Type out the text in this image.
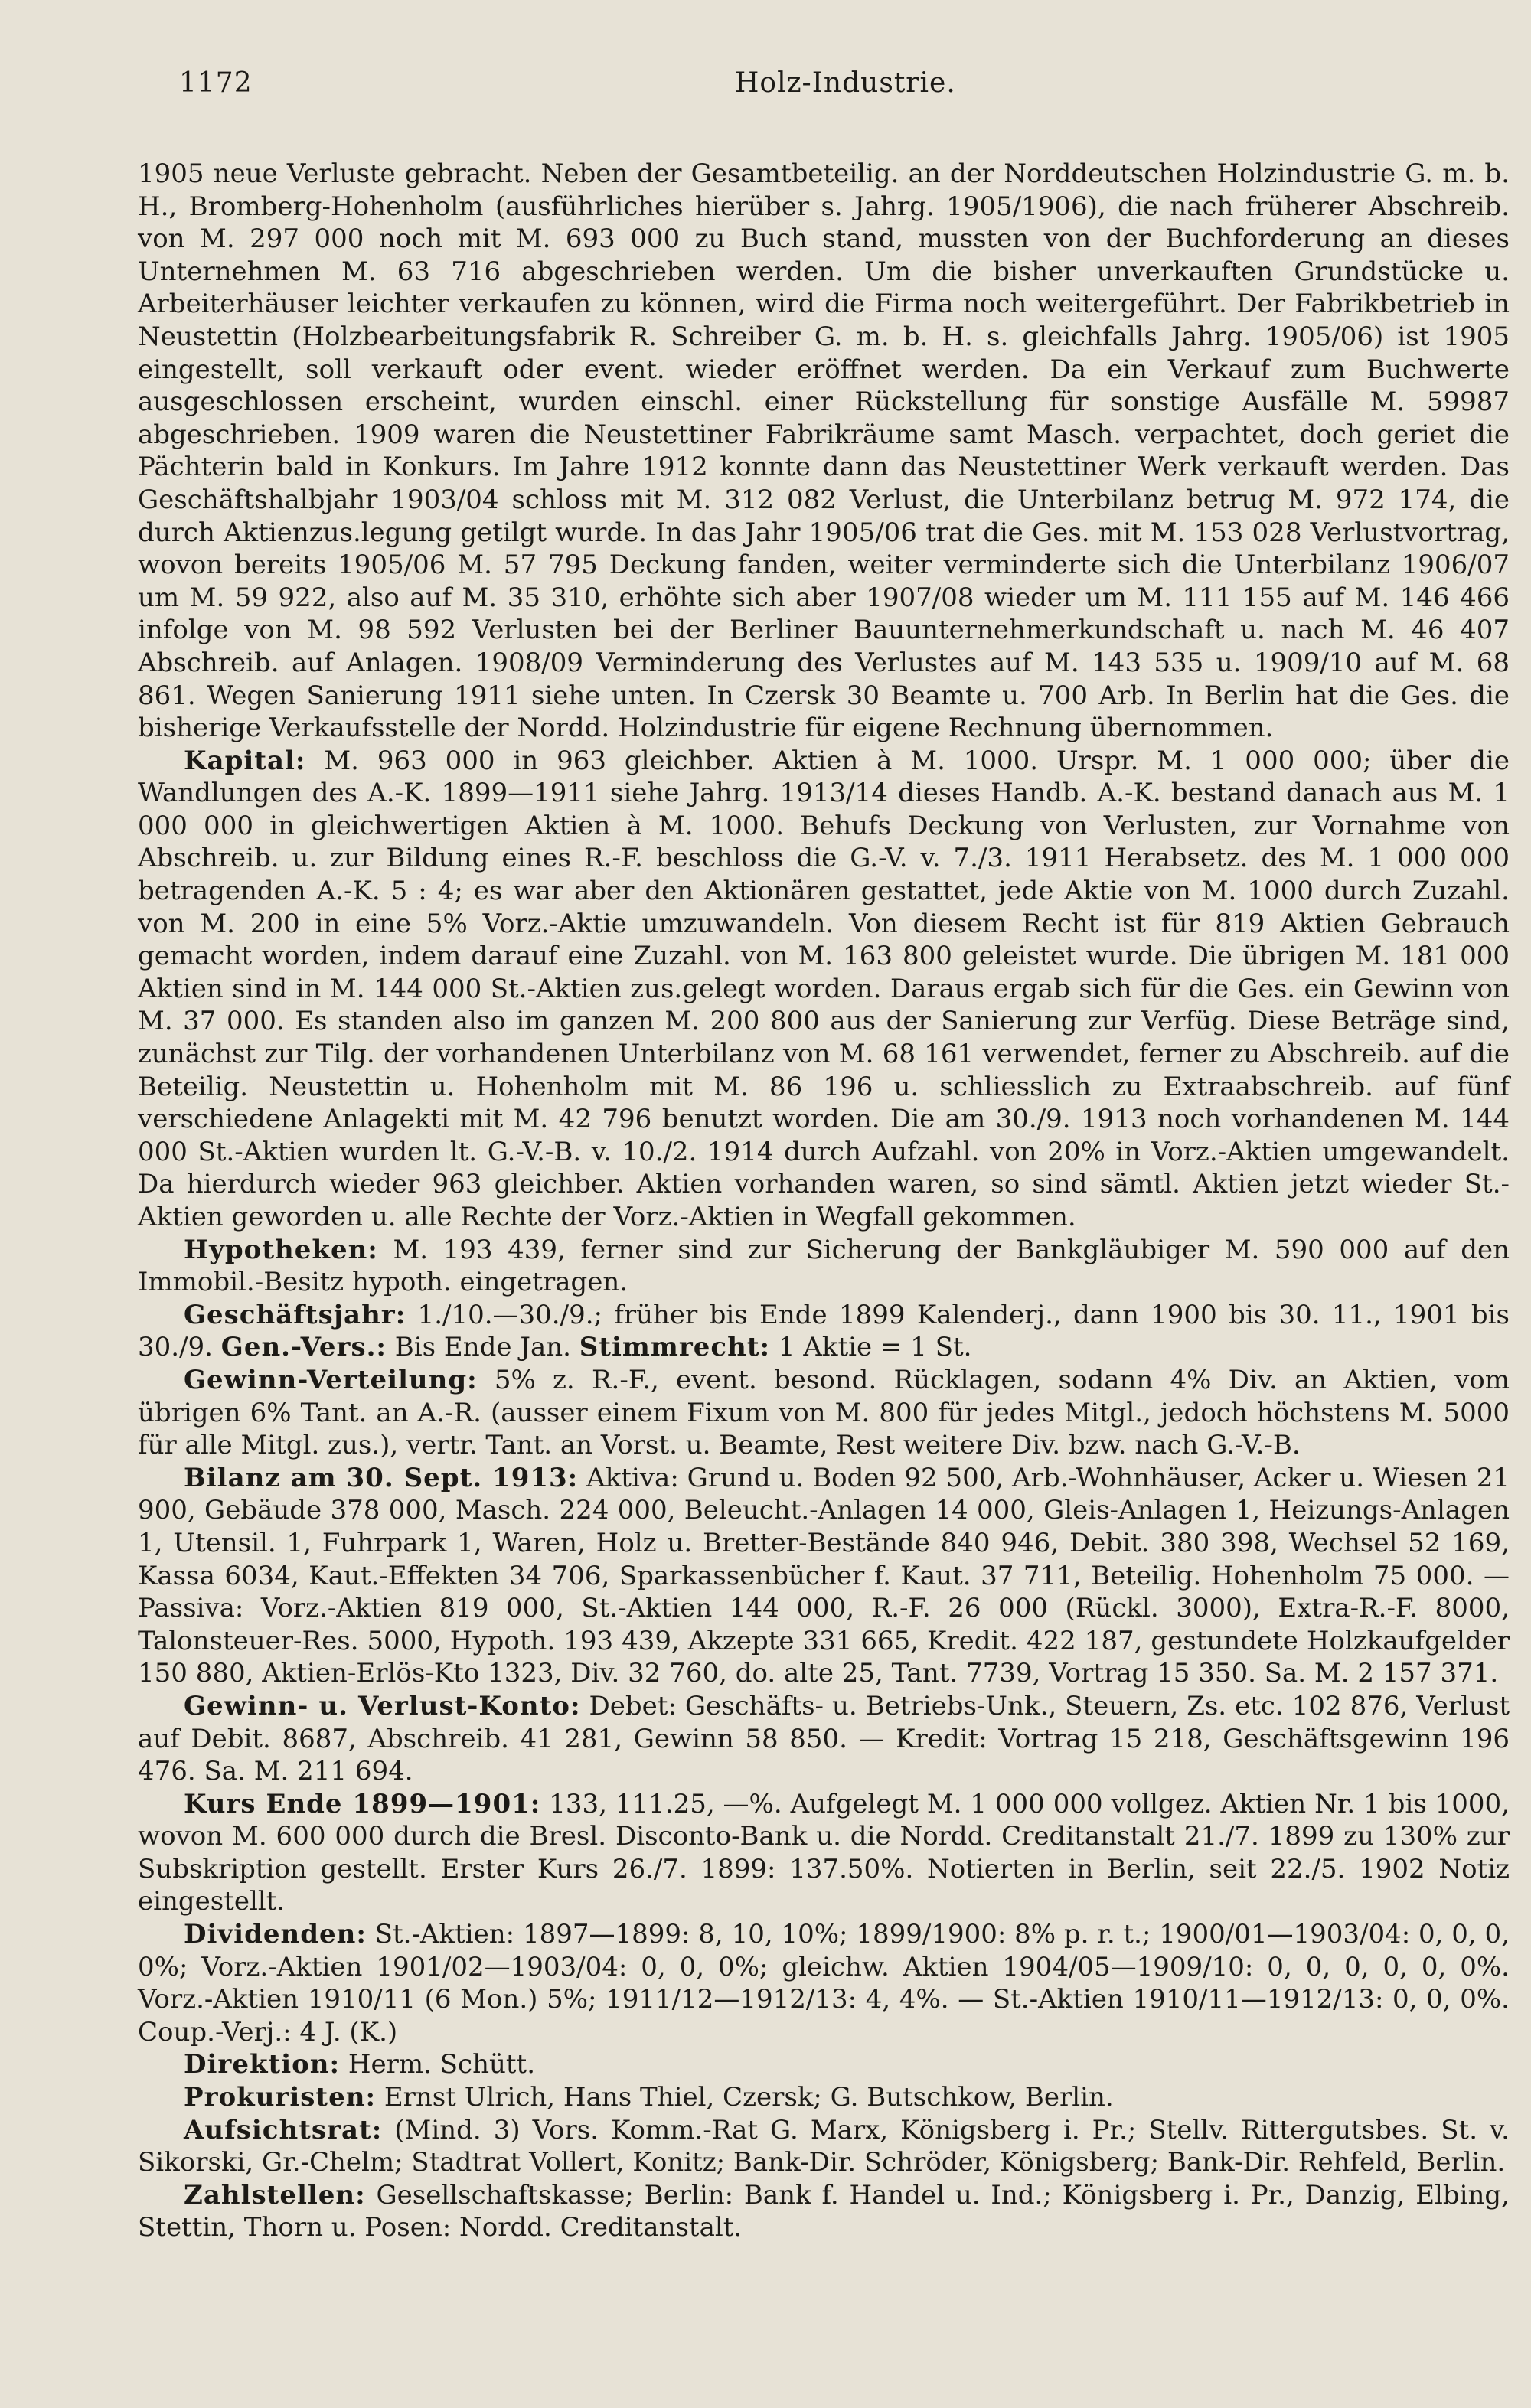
1172	Holz-Industrie.

1905 neue Verluste gebracht. Neben der Gesamtbeteilig. an der Norddeutschen Holzindustrie G. m. b. H., Bromberg-Hohenholm (ausführliches hierüber s. Jahrg. 1905/1906), die nach früherer Abschreib. von M. 297 000 noch mit M. 693 000 zu Buch stand, mussten von der Buchforderung an dieses Unternehmen M. 63 716 abgeschrieben werden. Um die bisher unverkauften Grundstücke u. Arbeiterhäuser leichter verkaufen zu können, wird die Firma noch weitergeführt. Der Fabrikbetrieb in Neustettin (Holzbearbeitungsfabrik R. Schreiber G. m. b. H. s. gleichfalls Jahrg. 1905/06) ist 1905 eingestellt, soll verkauft oder event. wieder eröffnet werden. Da ein Verkauf zum Buchwerte ausgeschlossen erscheint, wurden einschl. einer Rückstellung für sonstige Ausfälle M. 59987 abgeschrieben. 1909 waren die Neustettiner Fabrikräume samt Masch. verpachtet, doch geriet die Pächterin bald in Konkurs. Im Jahre 1912 konnte dann das Neustettiner Werk verkauft werden. Das Geschäftshalbjahr 1903/04 schloss mit M. 312 082 Verlust, die Unterbilanz betrug M. 972 174, die durch Aktienzus.legung getilgt wurde. In das Jahr 1905/06 trat die Ges. mit M. 153 028 Verlustvortrag, wovon bereits 1905/06 M. 57 795 Deckung fanden, weiter verminderte sich die Unterbilanz 1906/07 um M. 59 922, also auf M. 35 310, erhöhte sich aber 1907/08 wieder um M. 111 155 auf M. 146 466 infolge von M. 98 592 Verlusten bei der Berliner Bauunternehmerkundschaft u. nach M. 46 407 Abschreib. auf Anlagen. 1908/09 Verminderung des Verlustes auf M. 143 535 u. 1909/10 auf M. 68 861. Wegen Sanierung 1911 siehe unten. In Czersk 30 Beamte u. 700 Arb. In Berlin hat die Ges. die bisherige Verkaufsstelle der Nordd. Holzindustrie für eigene Rechnung übernommen.

Kapital: M. 963 000 in 963 gleichber. Aktien à M. 1000. Urspr. M. 1 000 000; über die Wandlungen des A.-K. 1899—1911 siehe Jahrg. 1913/14 dieses Handb. A.-K. bestand danach aus M. 1 000 000 in gleichwertigen Aktien à M. 1000. Behufs Deckung von Verlusten, zur Vornahme von Abschreib. u. zur Bildung eines R.-F. beschloss die G.-V. v. 7./3. 1911 Herabsetz. des M. 1 000 000 betragenden A.-K. 5 : 4; es war aber den Aktionären gestattet, jede Aktie von M. 1000 durch Zuzahl. von M. 200 in eine 5% Vorz.-Aktie umzuwandeln. Von diesem Recht ist für 819 Aktien Gebrauch gemacht worden, indem darauf eine Zuzahl. von M. 163 800 geleistet wurde. Die übrigen M. 181 000 Aktien sind in M. 144 000 St.-Aktien zus.gelegt worden. Daraus ergab sich für die Ges. ein Gewinn von M. 37 000. Es standen also im ganzen M. 200 800 aus der Sanierung zur Verfüg. Diese Beträge sind, zunächst zur Tilg. der vorhandenen Unterbilanz von M. 68 161 verwendet, ferner zu Abschreib. auf die Beteilig. Neustettin u. Hohenholm mit M. 86 196 u. schliesslich zu Extraabschreib. auf fünf verschiedene Anlagekti mit M. 42 796 benutzt worden. Die am 30./9. 1913 noch vorhandenen M. 144 000 St.-Aktien wurden lt. G.-V.-B. v. 10./2. 1914 durch Aufzahl. von 20% in Vorz.-Aktien umgewandelt. Da hierdurch wieder 963 gleichber. Aktien vorhanden waren, so sind sämtl. Aktien jetzt wieder St.-Aktien geworden u. alle Rechte der Vorz.-Aktien in Wegfall gekommen.

Hypotheken: M. 193 439, ferner sind zur Sicherung der Bankgläubiger M. 590 000 auf den Immobil.-Besitz hypoth. eingetragen.

Geschäftsjahr: 1./10.—30./9.; früher bis Ende 1899 Kalenderj., dann 1900 bis 30. 11., 1901 bis 30./9. Gen.-Vers.: Bis Ende Jan. Stimmrecht: 1 Aktie = 1 St.

Gewinn-Verteilung: 5% z. R.-F., event. besond. Rücklagen, sodann 4% Div. an Aktien, vom übrigen 6% Tant. an A.-R. (ausser einem Fixum von M. 800 für jedes Mitgl., jedoch höchstens M. 5000 für alle Mitgl. zus.), vertr. Tant. an Vorst. u. Beamte, Rest weitere Div. bzw. nach G.-V.-B.

Bilanz am 30. Sept. 1913: Aktiva: Grund u. Boden 92 500, Arb.-Wohnhäuser, Acker u. Wiesen 21 900, Gebäude 378 000, Masch. 224 000, Beleucht.-Anlagen 14 000, Gleis-Anlagen 1, Heizungs-Anlagen 1, Utensil. 1, Fuhrpark 1, Waren, Holz u. Bretter-Bestände 840 946, Debit. 380 398, Wechsel 52 169, Kassa 6034, Kaut.-Effekten 34 706, Sparkassenbücher f. Kaut. 37 711, Beteilig. Hohenholm 75 000. — Passiva: Vorz.-Aktien 819 000, St.-Aktien 144 000, R.-F. 26 000 (Rückl. 3000), Extra-R.-F. 8000, Talonsteuer-Res. 5000, Hypoth. 193 439, Akzepte 331 665, Kredit. 422 187, gestundete Holzkaufgelder 150 880, Aktien-Erlös-Kto 1323, Div. 32 760, do. alte 25, Tant. 7739, Vortrag 15 350. Sa. M. 2 157 371.

Gewinn- u. Verlust-Konto: Debet: Geschäfts- u. Betriebs-Unk., Steuern, Zs. etc. 102 876, Verlust auf Debit. 8687, Abschreib. 41 281, Gewinn 58 850. — Kredit: Vortrag 15 218, Geschäftsgewinn 196 476. Sa. M. 211 694.

Kurs Ende 1899—1901: 133, 111.25, —%. Aufgelegt M. 1 000 000 vollgez. Aktien Nr. 1 bis 1000, wovon M. 600 000 durch die Bresl. Disconto-Bank u. die Nordd. Creditanstalt 21./7. 1899 zu 130% zur Subskription gestellt. Erster Kurs 26./7. 1899: 137.50%. Notierten in Berlin, seit 22./5. 1902 Notiz eingestellt.

Dividenden: St.-Aktien: 1897—1899: 8, 10, 10%; 1899/1900: 8% p. r. t.; 1900/01—1903/04: 0, 0, 0, 0%; Vorz.-Aktien 1901/02—1903/04: 0, 0, 0%; gleichw. Aktien 1904/05—1909/10: 0, 0, 0, 0, 0, 0%. Vorz.-Aktien 1910/11 (6 Mon.) 5%; 1911/12—1912/13: 4, 4%. — St.-Aktien 1910/11—1912/13: 0, 0, 0%. Coup.-Verj.: 4 J. (K.)

Direktion: Herm. Schütt.

Prokuristen: Ernst Ulrich, Hans Thiel, Czersk; G. Butschkow, Berlin.

Aufsichtsrat: (Mind. 3) Vors. Komm.-Rat G. Marx, Königsberg i. Pr.; Stellv. Rittergutsbes. St. v. Sikorski, Gr.-Chelm; Stadtrat Vollert, Konitz; Bank-Dir. Schröder, Königsberg; Bank-Dir. Rehfeld, Berlin.

Zahlstellen: Gesellschaftskasse; Berlin: Bank f. Handel u. Ind.; Königsberg i. Pr., Danzig, Elbing, Stettin, Thorn u. Posen: Nordd. Creditanstalt.
